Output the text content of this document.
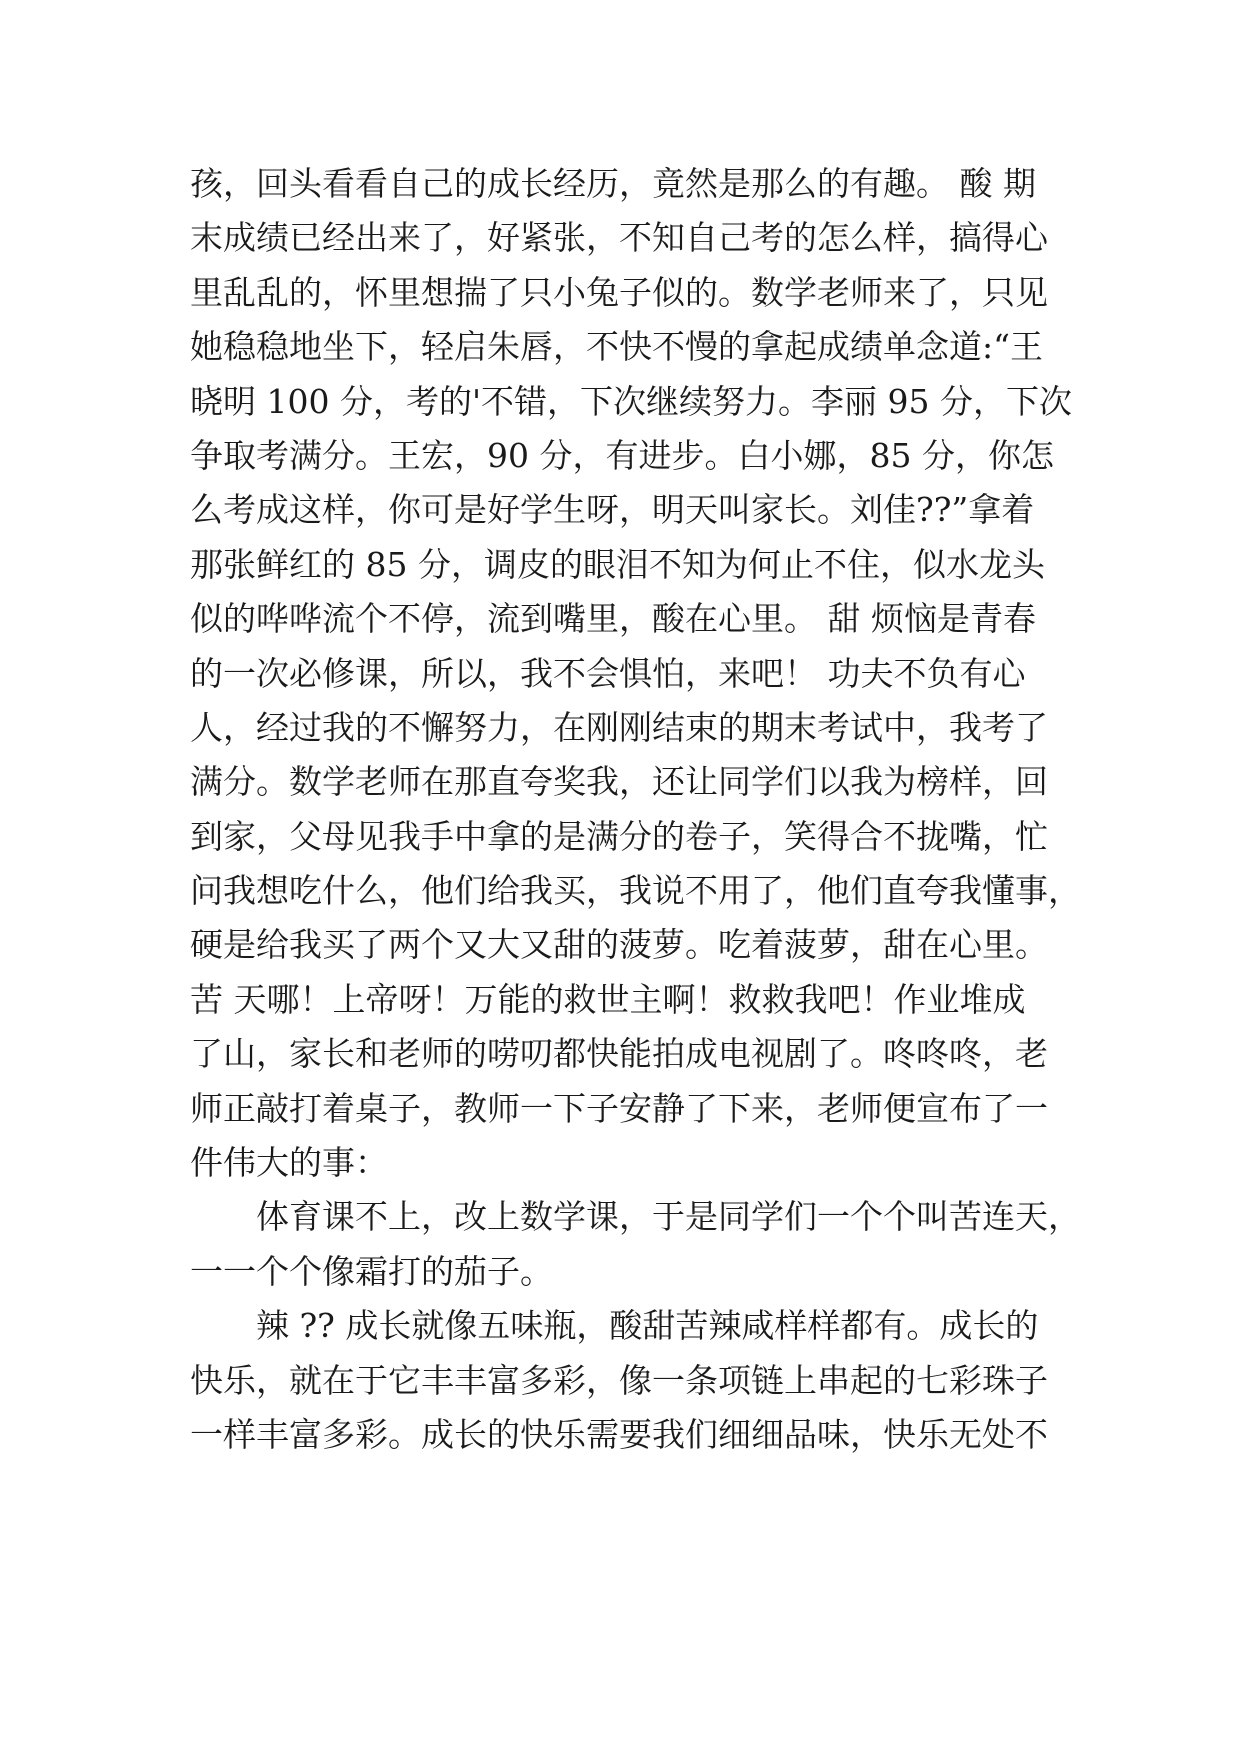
孩，回头看看自己的成长经历，竟然是那么的有趣。 酸 期
末成绩已经出来了，好紧张，不知自己考的怎么样，搞得心
里乱乱的，怀里想揣了只小兔子似的。数学老师来了，只见
她稳稳地坐下，轻启朱唇，不快不慢的拿起成绩单念道:“王
晓明 100 分，考的'不错，下次继续努力。李丽 95 分，下次
争取考满分。王宏，90 分，有进步。白小娜，85 分，你怎
么考成这样，你可是好学生呀，明天叫家长。刘佳??”拿着
那张鲜红的 85 分，调皮的眼泪不知为何止不住，似水龙头
似的哗哗流个不停，流到嘴里，酸在心里。 甜 烦恼是青春
的一次必修课，所以，我不会惧怕，来吧！ 功夫不负有心
人，经过我的不懈努力，在刚刚结束的期末考试中，我考了
满分。数学老师在那直夸奖我，还让同学们以我为榜样，回
到家，父母见我手中拿的是满分的卷子，笑得合不拢嘴，忙
问我想吃什么，他们给我买，我说不用了，他们直夸我懂事，
硬是给我买了两个又大又甜的菠萝。吃着菠萝，甜在心里。
苦 天哪！上帝呀！万能的救世主啊！救救我吧！作业堆成
了山，家长和老师的唠叨都快能拍成电视剧了。咚咚咚，老
师正敲打着桌子，教师一下子安静了下来，老师便宣布了一
件伟大的事：
体育课不上，改上数学课，于是同学们一个个叫苦连天，
一一个个像霜打的茄子。
辣 ?? 成长就像五味瓶，酸甜苦辣咸样样都有。成长的
快乐，就在于它丰丰富多彩，像一条项链上串起的七彩珠子
一样丰富多彩。成长的快乐需要我们细细品味，快乐无处不
